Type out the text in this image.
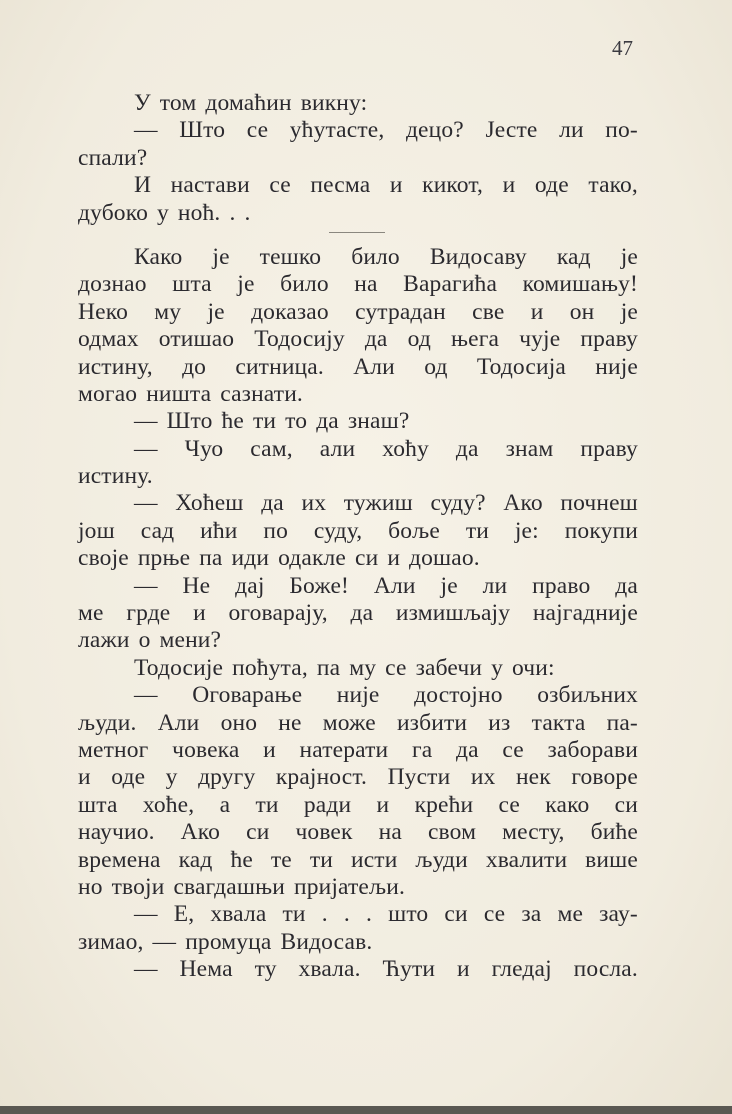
47
У том домаћин викну:
— Што се ућутасте, децо? Јесте ли по-
спали?
И настави се песма и кикот, и оде тако,
дубоко у ноћ. . .
Како је тешко било Видосаву кад је
дознао шта је било на Варагића комишању!
Неко му је доказао сутрадан све и он је
одмах отишао Тодосију да од њега чује праву
истину, до ситница. Али од Тодосија није
могао ништа сазнати.
— Што ће ти то да знаш?
— Чуо сам, али хоћу да знам праву
истину.
— Хоћеш да их тужиш суду? Ако почнеш
још сад ићи по суду, боље ти је: покупи
своје прње па иди одакле си и дошао.
— Не дај Боже! Али је ли право да
ме грде и оговарају, да измишљају најгадније
лажи о мени?
Тодосије поћута, па му се забечи у очи:
— Оговарање није достојно озбиљних
људи. Али оно не може избити из такта па-
метног човека и натерати га да се заборави
и оде у другу крајност. Пусти их нек говоре
шта хоће, а ти ради и крећи се како си
научио. Ако си човек на свом месту, биће
времена кад ће те ти исти људи хвалити више
но твоји свагдашњи пријатељи.
— Е, хвала ти . . . што си се за ме зау-
зимао, — промуца Видосав.
— Нема ту хвала. Ћути и гледај посла.
